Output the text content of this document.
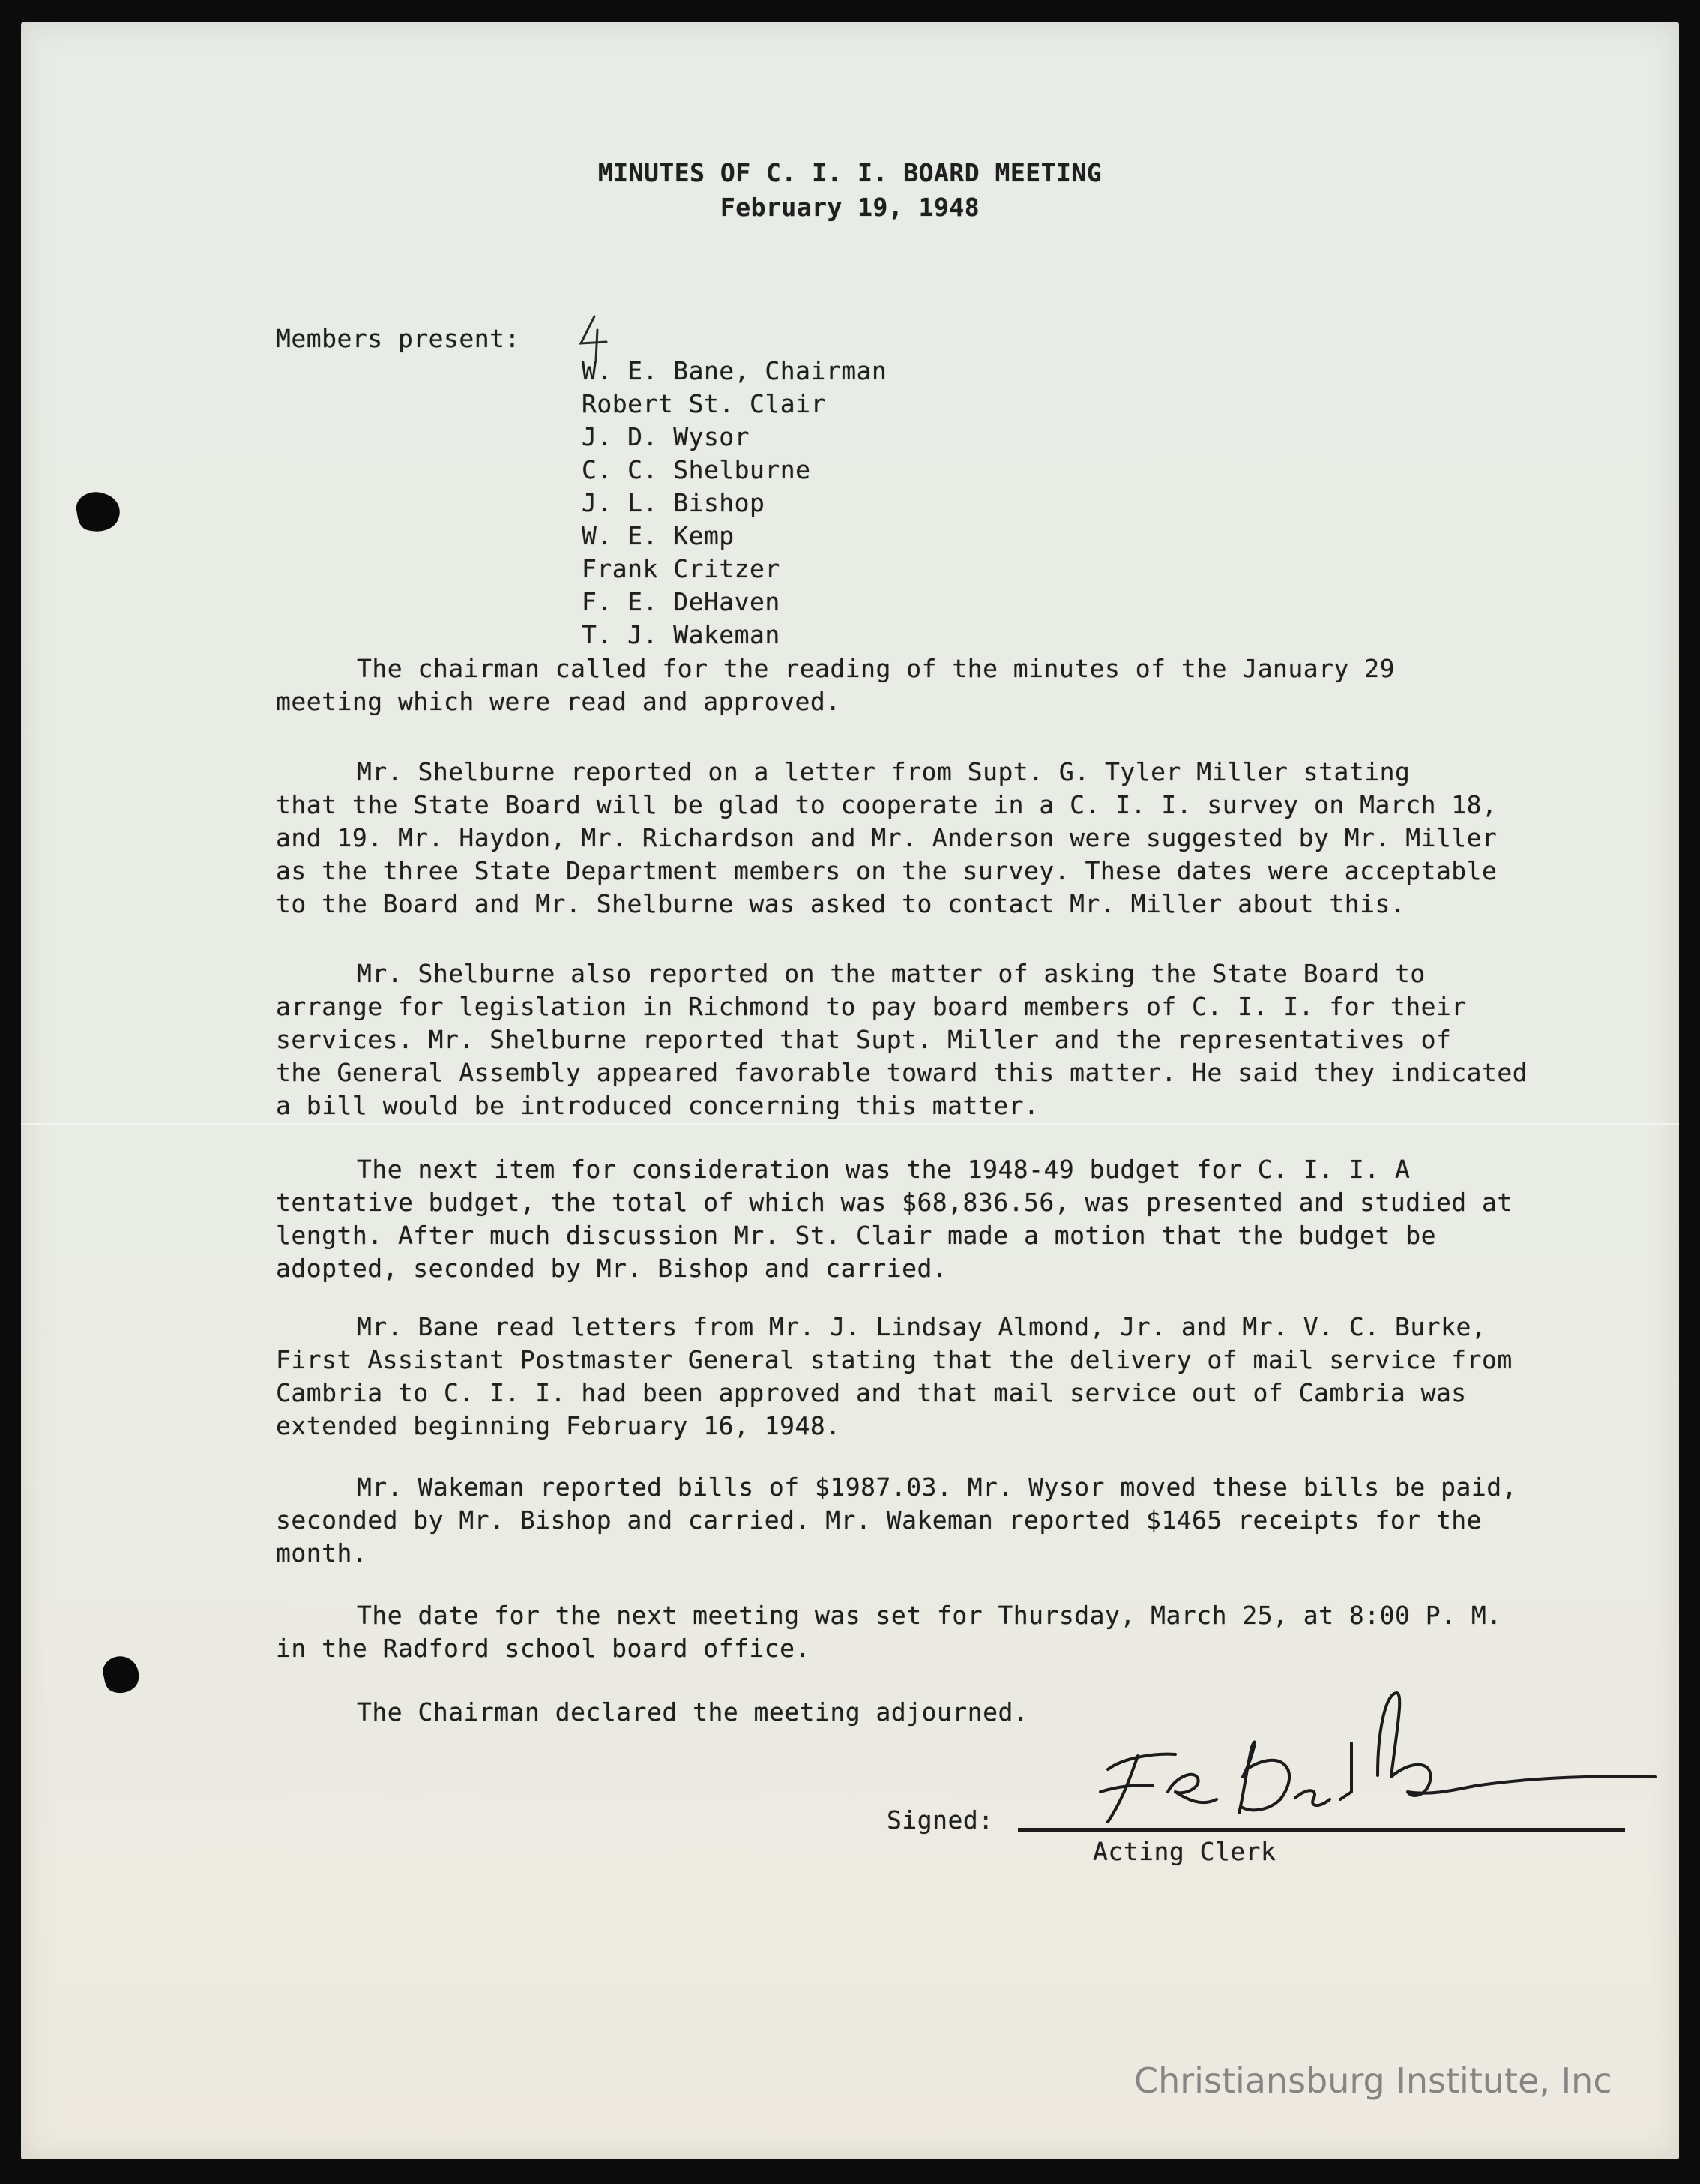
MINUTES OF C. I. I. BOARD MEETING
February 19, 1948
Members present:
W. E. Bane, Chairman
Robert St. Clair
J. D. Wysor
C. C. Shelburne
J. L. Bishop
W. E. Kemp
Frank Critzer
F. E. DeHaven
T. J. Wakeman
The chairman called for the reading of the minutes of the January 29
meeting which were read and approved.
Mr. Shelburne reported on a letter from Supt. G. Tyler Miller stating
that the State Board will be glad to cooperate in a C. I. I. survey on March 18,
and 19. Mr. Haydon, Mr. Richardson and Mr. Anderson were suggested by Mr. Miller
as the three State Department members on the survey. These dates were acceptable
to the Board and Mr. Shelburne was asked to contact Mr. Miller about this.
Mr. Shelburne also reported on the matter of asking the State Board to
arrange for legislation in Richmond to pay board members of C. I. I. for their
services. Mr. Shelburne reported that Supt. Miller and the representatives of
the General Assembly appeared favorable toward this matter. He said they indicated
a bill would be introduced concerning this matter.
The next item for consideration was the 1948-49 budget for C. I. I. A
tentative budget, the total of which was $68,836.56, was presented and studied at
length. After much discussion Mr. St. Clair made a motion that the budget be
adopted, seconded by Mr. Bishop and carried.
Mr. Bane read letters from Mr. J. Lindsay Almond, Jr. and Mr. V. C. Burke,
First Assistant Postmaster General stating that the delivery of mail service from
Cambria to C. I. I. had been approved and that mail service out of Cambria was
extended beginning February 16, 1948.
Mr. Wakeman reported bills of $1987.03. Mr. Wysor moved these bills be paid,
seconded by Mr. Bishop and carried. Mr. Wakeman reported $1465 receipts for the
month.
The date for the next meeting was set for Thursday, March 25, at 8:00 P. M.
in the Radford school board office.
The Chairman declared the meeting adjourned.
Signed:
Acting Clerk
Christiansburg Institute, Inc
